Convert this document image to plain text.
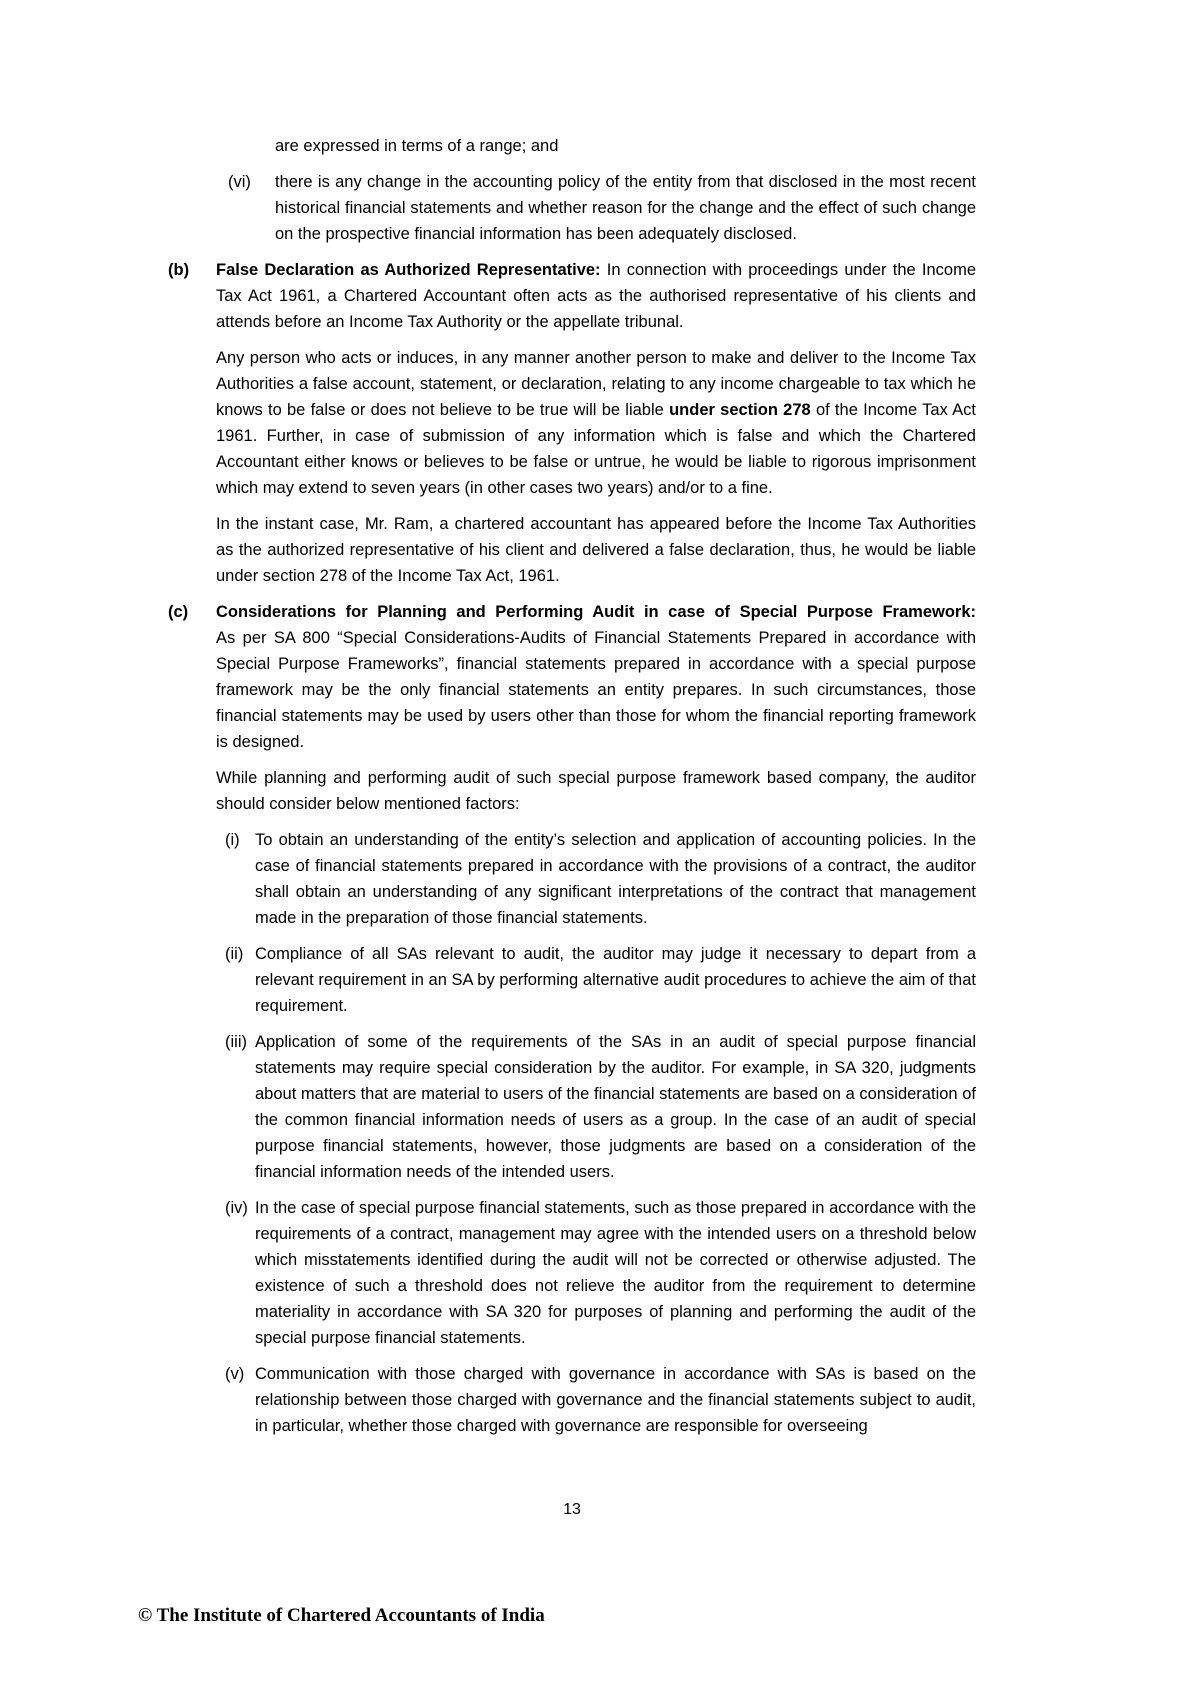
are expressed in terms of a range; and

(vi) there is any change in the accounting policy of the entity from that disclosed in the most recent historical financial statements and whether reason for the change and the effect of such change on the prospective financial information has been adequately disclosed.
(b)	False Declaration as Authorized Representative: In connection with proceedings under the Income Tax Act 1961, a Chartered Accountant often acts as the authorised representative of his clients and attends before an Income Tax Authority or the appellate tribunal.

Any person who acts or induces, in any manner another person to make and deliver to the Income Tax Authorities a false account, statement, or declaration, relating to any income chargeable to tax which he knows to be false or does not believe to be true will be liable under section 278 of the Income Tax Act 1961. Further, in case of submission of any information which is false and which the Chartered Accountant either knows or believes to be false or untrue, he would be liable to rigorous imprisonment which may extend to seven years (in other cases two years) and/or to a fine.

In the instant case, Mr. Ram, a chartered accountant has appeared before the Income Tax Authorities as the authorized representative of his client and delivered a false declaration, thus, he would be liable under section 278 of the Income Tax Act, 1961.

(c) Considerations for Planning and Performing Audit in case of Special Purpose Framework:
As per SA 800 “Special Considerations-Audits of Financial Statements Prepared in accordance with Special Purpose Frameworks”, financial statements prepared in accordance with a special purpose framework may be the only financial statements an entity prepares. In such circumstances, those financial statements may be used by users other than those for whom the financial reporting framework is designed.

While planning and performing audit of such special purpose framework based company, the auditor should consider below mentioned factors:

(i) To obtain an understanding of the entity’s selection and application of accounting policies. In the case of financial statements prepared in accordance with the provisions of a contract, the auditor shall obtain an understanding of any significant interpretations of the contract that management made in the preparation of those financial statements.
(ii) Compliance of all SAs relevant to audit, the auditor may judge it necessary to depart from a relevant requirement in an SA by performing alternative audit procedures to achieve the aim of that requirement.
(iii) Application of some of the requirements of the SAs in an audit of special purpose financial statements may require special consideration by the auditor. For example, in SA 320, judgments about matters that are material to users of the financial statements are based on a consideration of the common financial information needs of users as a group. In the case of an audit of special purpose financial statements, however, those judgments are based on a consideration of the financial information needs of the intended users.
(iv) In the case of special purpose financial statements, such as those prepared in accordance with the requirements of a contract, management may agree with the intended users on a threshold below which misstatements identified during the audit will not be corrected or otherwise adjusted. The existence of such a threshold does not relieve the auditor from the requirement to determine materiality in accordance with SA 320 for purposes of planning and performing the audit of the special purpose financial statements.
(v) Communication with those charged with governance in accordance with SAs is based on the relationship between those charged with governance and the financial statements subject to audit, in particular, whether those charged with governance are responsible for overseeing
13
© The Institute of Chartered Accountants of India
